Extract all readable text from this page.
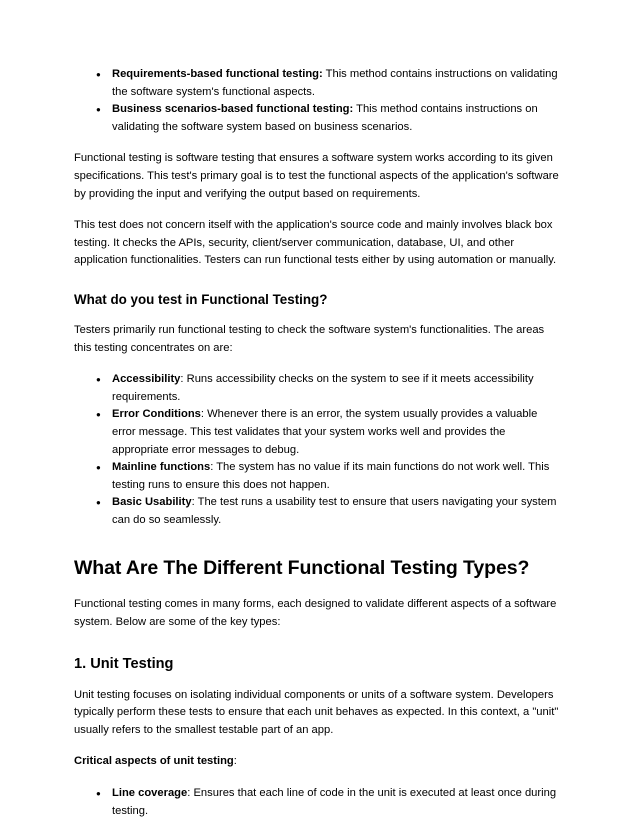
● Requirements-based functional testing: This method contains instructions on validating the software system's functional aspects.
● Business scenarios-based functional testing: This method contains instructions on validating the software system based on business scenarios.

Functional testing is software testing that ensures a software system works according to its given specifications. This test's primary goal is to test the functional aspects of the application's software by providing the input and verifying the output based on requirements.

This test does not concern itself with the application's source code and mainly involves black box testing. It checks the APIs, security, client/server communication, database, UI, and other application functionalities. Testers can run functional tests either by using automation or manually.

What do you test in Functional Testing?

Testers primarily run functional testing to check the software system's functionalities. The areas this testing concentrates on are:

● Accessibility: Runs accessibility checks on the system to see if it meets accessibility requirements.
● Error Conditions: Whenever there is an error, the system usually provides a valuable error message. This test validates that your system works well and provides the appropriate error messages to debug.
● Mainline functions: The system has no value if its main functions do not work well. This testing runs to ensure this does not happen.
● Basic Usability: The test runs a usability test to ensure that users navigating your system can do so seamlessly.
What Are The Different Functional Testing Types?

Functional testing comes in many forms, each designed to validate different aspects of a software system. Below are some of the key types:

1. Unit Testing

Unit testing focuses on isolating individual components or units of a software system. Developers typically perform these tests to ensure that each unit behaves as expected. In this context, a "unit" usually refers to the smallest testable part of an app.

Critical aspects of unit testing:

● Line coverage: Ensures that each line of code in the unit is executed at least once during testing.
